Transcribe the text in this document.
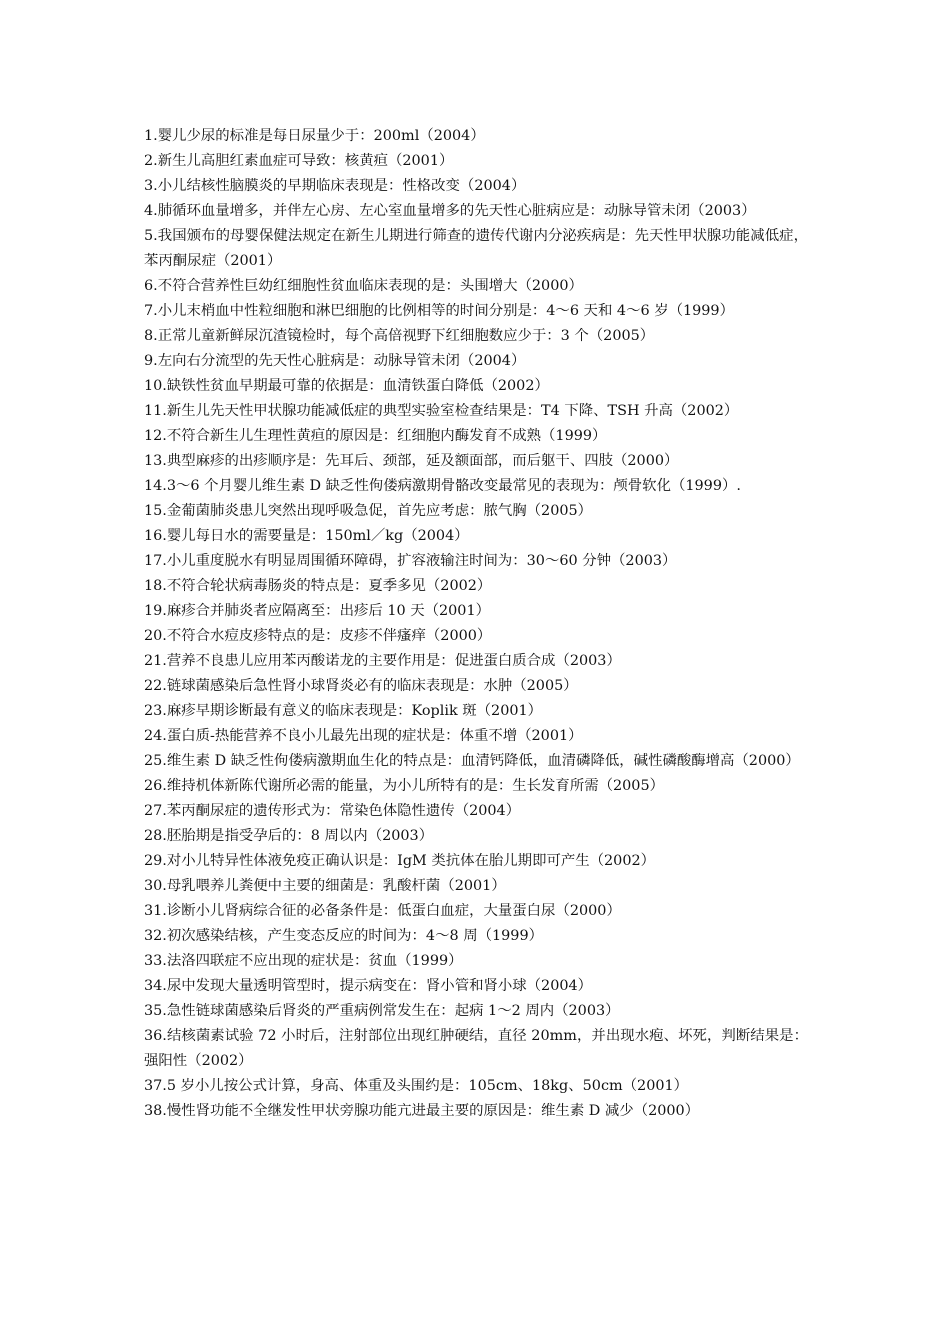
1.婴儿少尿的标准是每日尿量少于：200ml（2004）

2.新生儿高胆红素血症可导致：核黄疸（2001）

3.小儿结核性脑膜炎的早期临床表现是：性格改变（2004）

4.肺循环血量增多，并伴左心房、左心室血量增多的先天性心脏病应是：动脉导管未闭（2003）

5.我国颁布的母婴保健法规定在新生儿期进行筛查的遗传代谢内分泌疾病是：先天性甲状腺功能减低症，苯丙酮尿症（2001）

6.不符合营养性巨幼红细胞性贫血临床表现的是：头围增大（2000）

7.小儿末梢血中性粒细胞和淋巴细胞的比例相等的时间分别是：4～6 天和 4～6 岁（1999）

8.正常儿童新鲜尿沉渣镜检时，每个高倍视野下红细胞数应少于：3 个（2005）

9.左向右分流型的先天性心脏病是：动脉导管未闭（2004）

10.缺铁性贫血早期最可靠的依据是：血清铁蛋白降低（2002）

11.新生儿先天性甲状腺功能减低症的典型实验室检查结果是：T4 下降、TSH 升高（2002）

12.不符合新生儿生理性黄疸的原因是：红细胞内酶发育不成熟（1999）

13.典型麻疹的出疹顺序是：先耳后、颈部，延及额面部，而后躯干、四肢（2000）

14.3～6 个月婴儿维生素 D 缺乏性佝偻病激期骨骼改变最常见的表现为：颅骨软化（1999）.

15.金葡菌肺炎患儿突然出现呼吸急促，首先应考虑：脓气胸（2005）

16.婴儿每日水的需要量是：150ml／kg（2004）

17.小儿重度脱水有明显周围循环障碍，扩容液输注时间为：30～60 分钟（2003）

18.不符合轮状病毒肠炎的特点是：夏季多见（2002）

19.麻疹合并肺炎者应隔离至：出疹后 10 天（2001）

20.不符合水痘皮疹特点的是：皮疹不伴瘙痒（2000）

21.营养不良患儿应用苯丙酸诺龙的主要作用是：促进蛋白质合成（2003）

22.链球菌感染后急性肾小球肾炎必有的临床表现是：水肿（2005）

23.麻疹早期诊断最有意义的临床表现是：Koplik 斑（2001）

24.蛋白质-热能营养不良小儿最先出现的症状是：体重不增（2001）

25.维生素 D 缺乏性佝偻病激期血生化的特点是：血清钙降低，血清磷降低，碱性磷酸酶增高（2000）

26.维持机体新陈代谢所必需的能量，为小儿所特有的是：生长发育所需（2005）

27.苯丙酮尿症的遗传形式为：常染色体隐性遗传（2004）

28.胚胎期是指受孕后的：8 周以内（2003）

29.对小儿特异性体液免疫正确认识是：IgM 类抗体在胎儿期即可产生（2002）

30.母乳喂养儿粪便中主要的细菌是：乳酸杆菌（2001）

31.诊断小儿肾病综合征的必备条件是：低蛋白血症，大量蛋白尿（2000）

32.初次感染结核，产生变态反应的时间为：4～8 周（1999）

33.法洛四联症不应出现的症状是：贫血（1999）

34.尿中发现大量透明管型时，提示病变在：肾小管和肾小球（2004）

35.急性链球菌感染后肾炎的严重病例常发生在：起病 1～2 周内（2003）

36.结核菌素试验 72 小时后，注射部位出现红肿硬结，直径 20mm，并出现水疱、坏死，判断结果是：强阳性（2002）

37.5 岁小儿按公式计算，身高、体重及头围约是：105cm、18kg、50cm（2001）

38.慢性肾功能不全继发性甲状旁腺功能亢进最主要的原因是：维生素 D 减少（2000）
